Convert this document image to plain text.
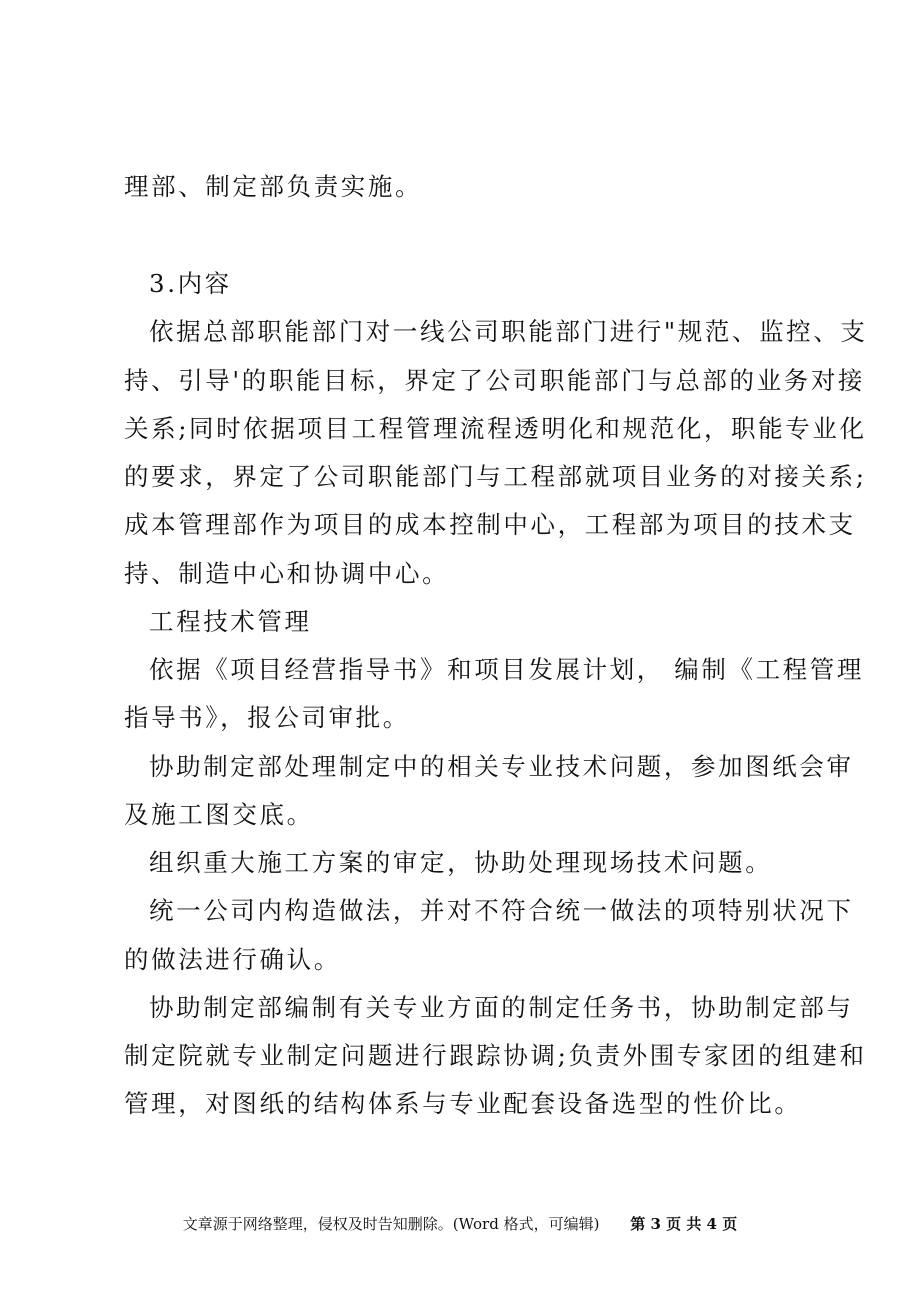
理部、制定部负责实施。
3.内容
依据总部职能部门对一线公司职能部门进行"规范、监控、支
持、引导'的职能目标，界定了公司职能部门与总部的业务对接
关系;同时依据项目工程管理流程透明化和规范化，职能专业化
的要求，界定了公司职能部门与工程部就项目业务的对接关系;
成本管理部作为项目的成本控制中心，工程部为项目的技术支
持、制造中心和协调中心。
工程技术管理
依据《项目经营指导书》和项目发展计划， 编制《工程管理
指导书》，报公司审批。
协助制定部处理制定中的相关专业技术问题，参加图纸会审
及施工图交底。
组织重大施工方案的审定，协助处理现场技术问题。
统一公司内构造做法，并对不符合统一做法的项特别状况下
的做法进行确认。
协助制定部编制有关专业方面的制定任务书，协助制定部与
制定院就专业制定问题进行跟踪协调;负责外围专家团的组建和
管理，对图纸的结构体系与专业配套设备选型的性价比。
文章源于网络整理，侵权及时告知删除。(Word 格式，可编辑) 第 3 页 共 4 页
